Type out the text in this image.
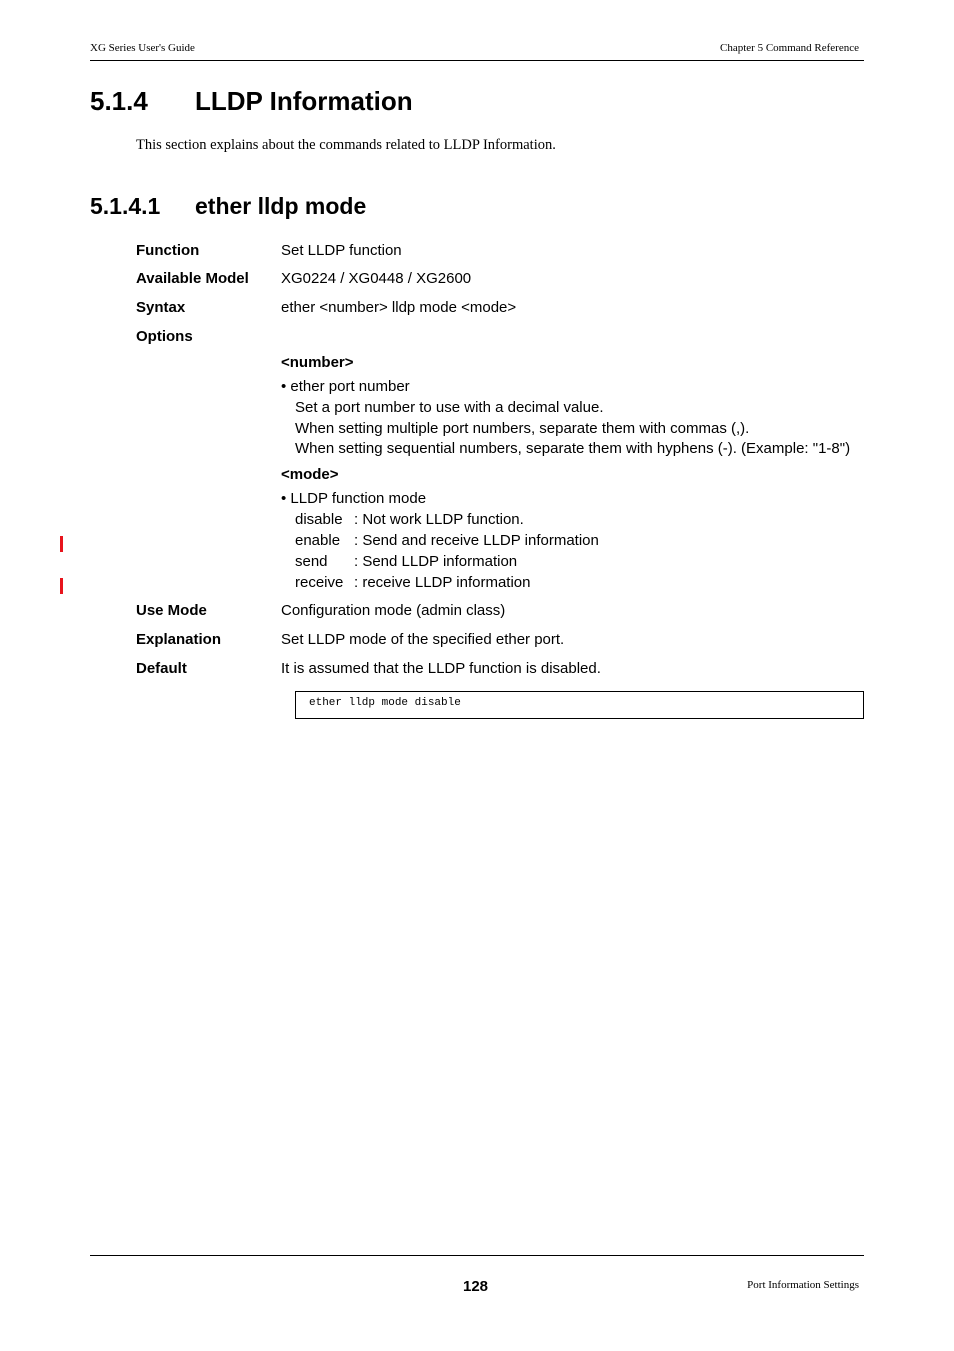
XG Series User's Guide	Chapter 5 Command Reference
5.1.4 LLDP Information
This section explains about the commands related to LLDP Information.
5.1.4.1 ether lldp mode
Function	Set LLDP function
Available Model XG0224 / XG0448 / XG2600
Syntax	ether <number> lldp mode <mode>
Options
<number>
• ether port number
Set a port number to use with a decimal value.
When setting multiple port numbers, separate them with commas (,).
When setting sequential numbers, separate them with hyphens (-). (Example: "1-8")
<mode>
• LLDP function mode
disable : Not work LLDP function.
enable : Send and receive LLDP information
send : Send LLDP information
receive : receive LLDP information
Use Mode	Configuration mode (admin class)
Explanation	Set LLDP mode of the specified ether port.
Default	It is assumed that the LLDP function is disabled.
ether lldp mode disable
128	Port Information Settings
